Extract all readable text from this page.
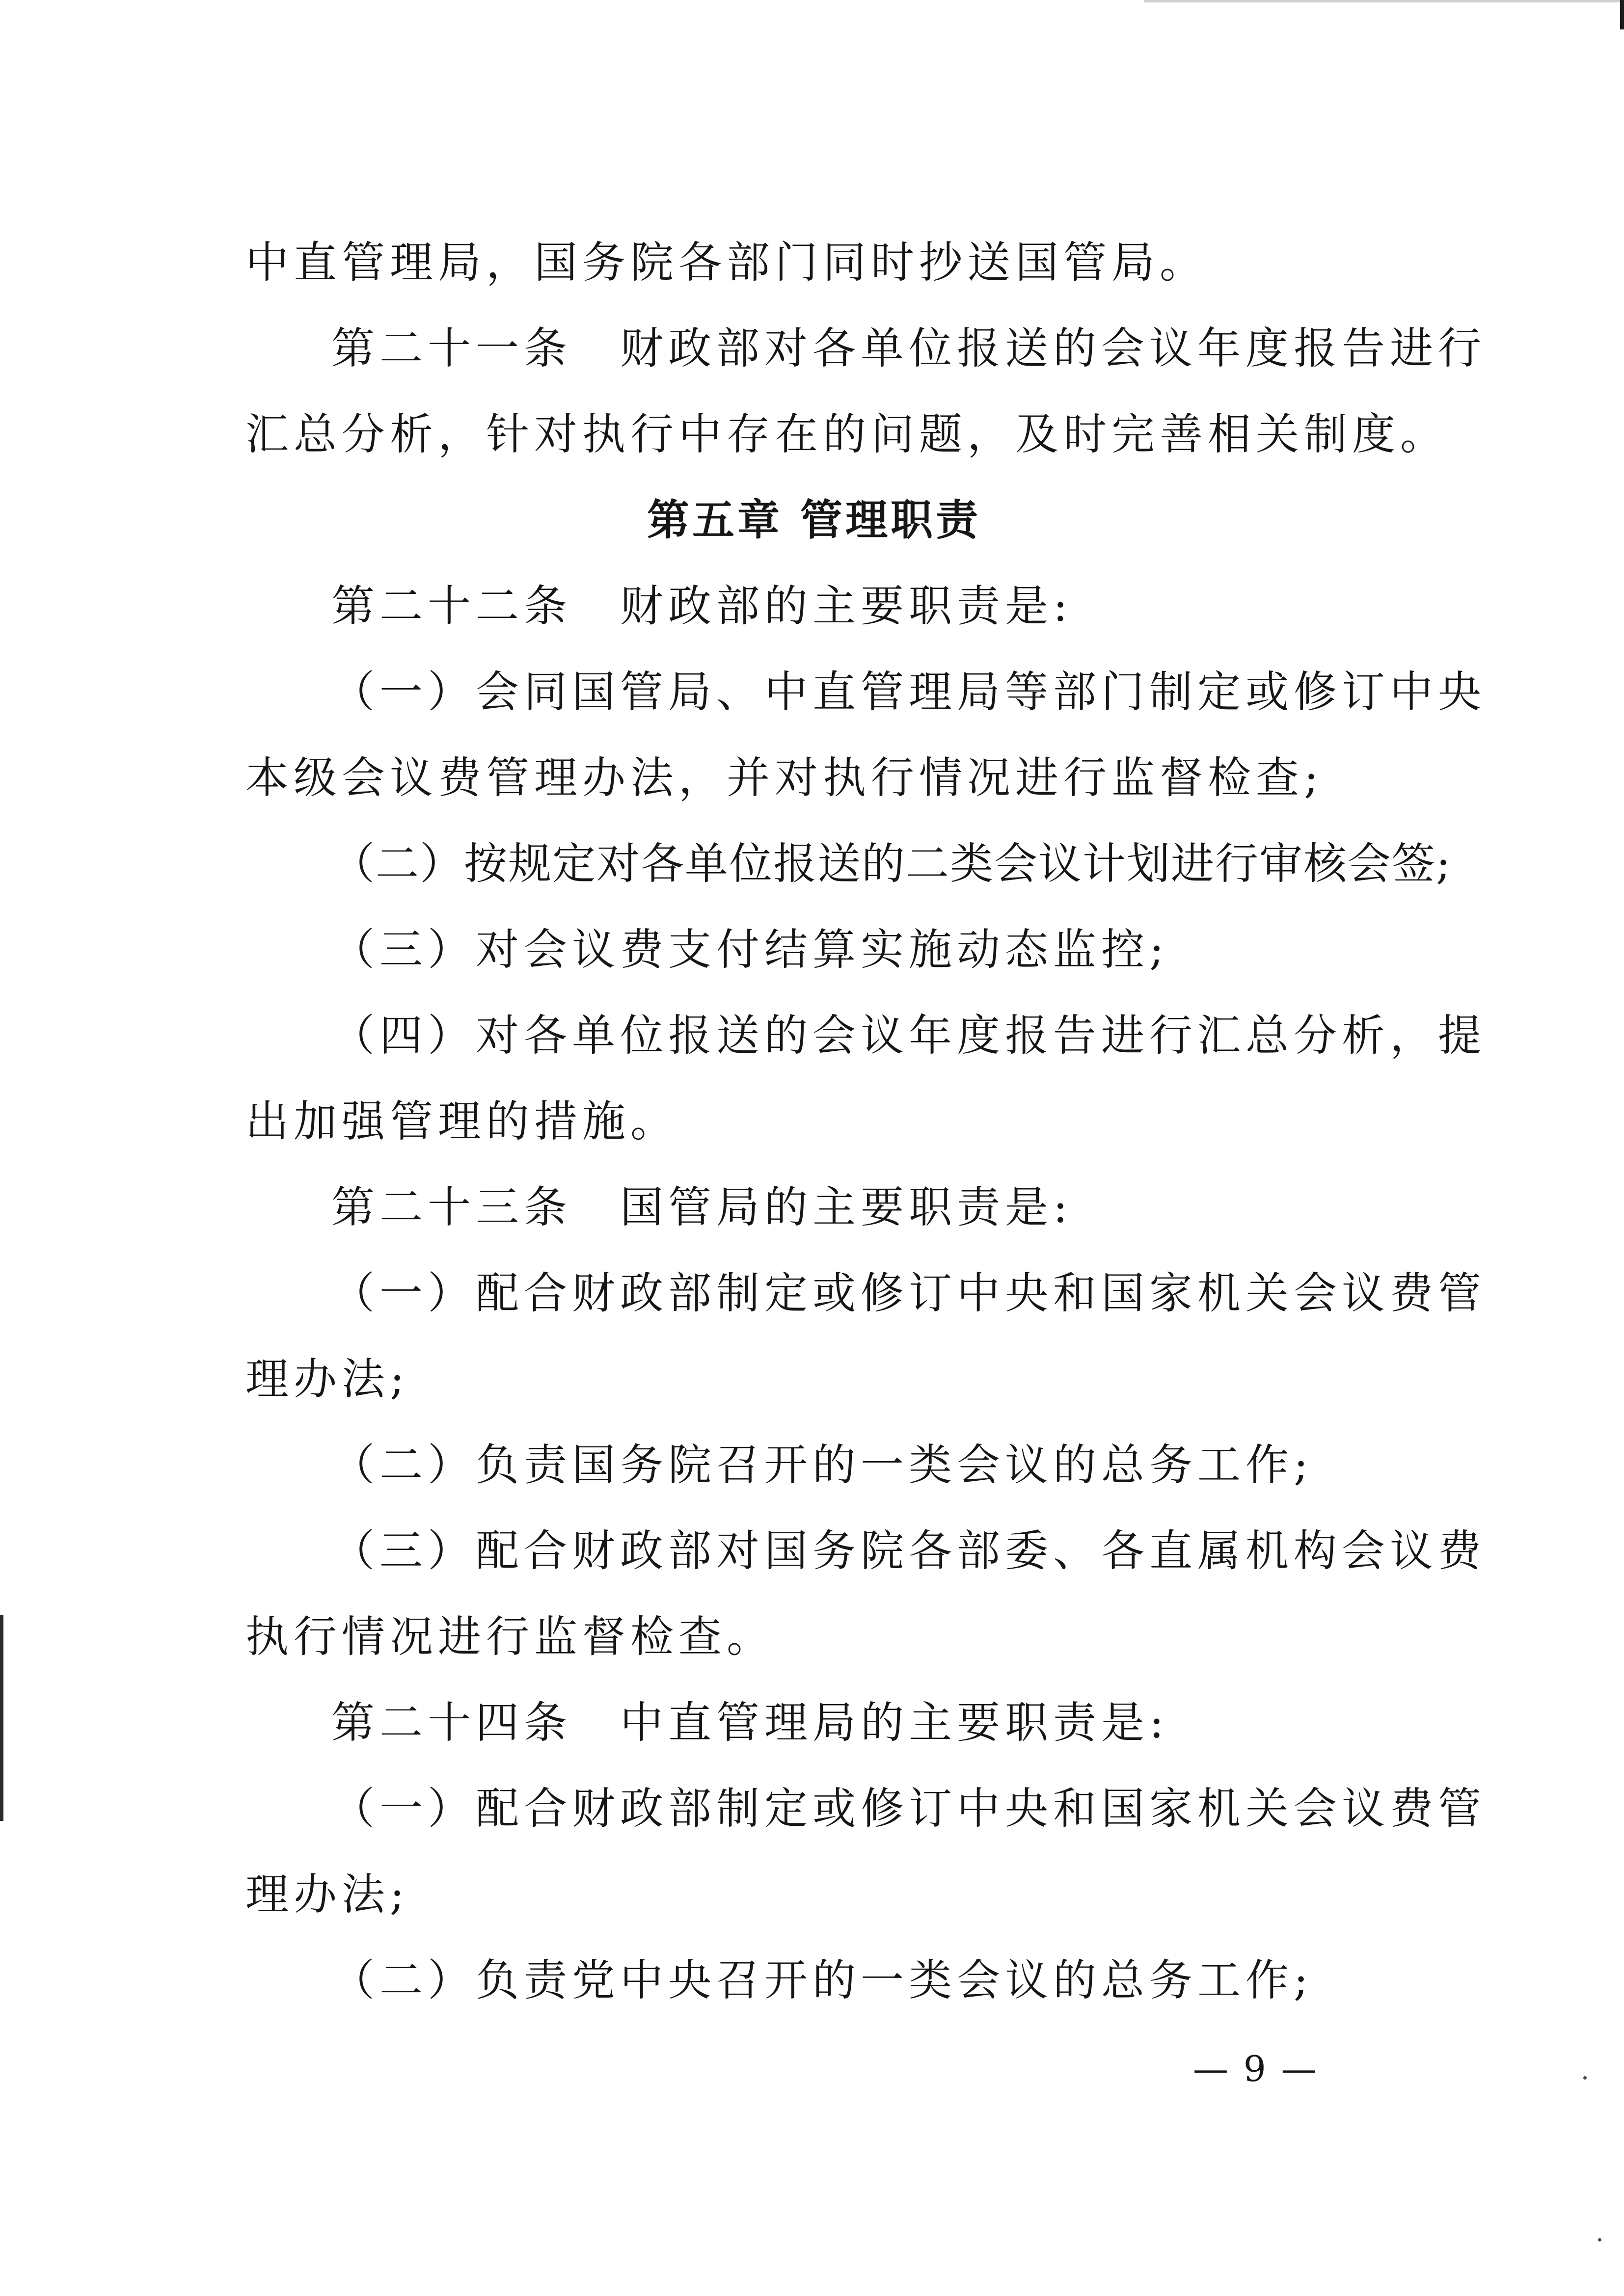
中直管理局，国务院各部门同时抄送国管局。
第二十一条　财政部对各单位报送的会议年度报告进行
汇总分析，针对执行中存在的问题，及时完善相关制度。
第五章 管理职责
第二十二条　财政部的主要职责是:
（一）会同国管局、中直管理局等部门制定或修订中央
本级会议费管理办法，并对执行情况进行监督检查;
（二）按规定对各单位报送的二类会议计划进行审核会签;
（三）对会议费支付结算实施动态监控;
（四）对各单位报送的会议年度报告进行汇总分析，提
出加强管理的措施。
第二十三条　国管局的主要职责是:
（一）配合财政部制定或修订中央和国家机关会议费管
理办法;
（二）负责国务院召开的一类会议的总务工作;
（三）配合财政部对国务院各部委、各直属机构会议费
执行情况进行监督检查。
第二十四条　中直管理局的主要职责是:
（一）配合财政部制定或修订中央和国家机关会议费管
理办法;
（二）负责党中央召开的一类会议的总务工作;
— 9 —
